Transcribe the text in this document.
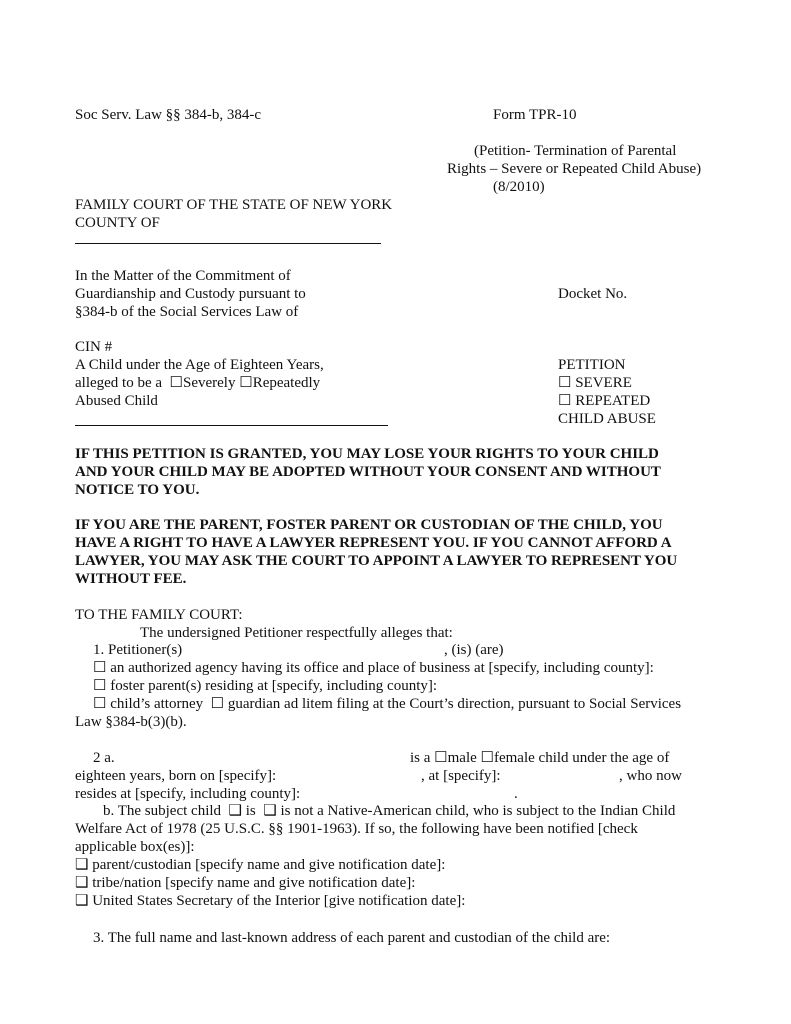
Soc Serv. Law §§ 384-b, 384-c	Form TPR-10
(Petition- Termination of Parental
Rights – Severe or Repeated Child Abuse)
(8/2010)
FAMILY COURT OF THE STATE OF NEW YORK
COUNTY OF
In the Matter of the Commitment of
Guardianship and Custody pursuant to	Docket No.
§384-b of the Social Services Law of
CIN #
A Child under the Age of Eighteen Years,	PETITION
alleged to be a ☐Severely ☐Repeatedly	☐ SEVERE
Abused Child	☐ REPEATED
CHILD ABUSE
IF THIS PETITION IS GRANTED, YOU MAY LOSE YOUR RIGHTS TO YOUR CHILD
AND YOUR CHILD MAY BE ADOPTED WITHOUT YOUR CONSENT AND WITHOUT
NOTICE TO YOU.
IF YOU ARE THE PARENT, FOSTER PARENT OR CUSTODIAN OF THE CHILD, YOU
HAVE A RIGHT TO HAVE A LAWYER REPRESENT YOU. IF YOU CANNOT AFFORD A
LAWYER, YOU MAY ASK THE COURT TO APPOINT A LAWYER TO REPRESENT YOU
WITHOUT FEE.
TO THE FAMILY COURT:
The undersigned Petitioner respectfully alleges that:
1. Petitioner(s)	, (is) (are)
☐ an authorized agency having its office and place of business at [specify, including county]:
☐ foster parent(s) residing at [specify, including county]:
☐ child’s attorney ☐ guardian ad litem filing at the Court’s direction, pursuant to Social Services
Law §384-b(3)(b).
2 a.	is a ☐male ☐female child under the age of
eighteen years, born on [specify]:	, at [specify]:	, who now
resides at [specify, including county]:	.
b. The subject child ❑ is ❑ is not a Native-American child, who is subject to the Indian Child
Welfare Act of 1978 (25 U.S.C. §§ 1901-1963). If so, the following have been notified [check
applicable box(es)]:
❑ parent/custodian [specify name and give notification date]:
❑ tribe/nation [specify name and give notification date]:
❑ United States Secretary of the Interior [give notification date]:
3. The full name and last-known address of each parent and custodian of the child are:
